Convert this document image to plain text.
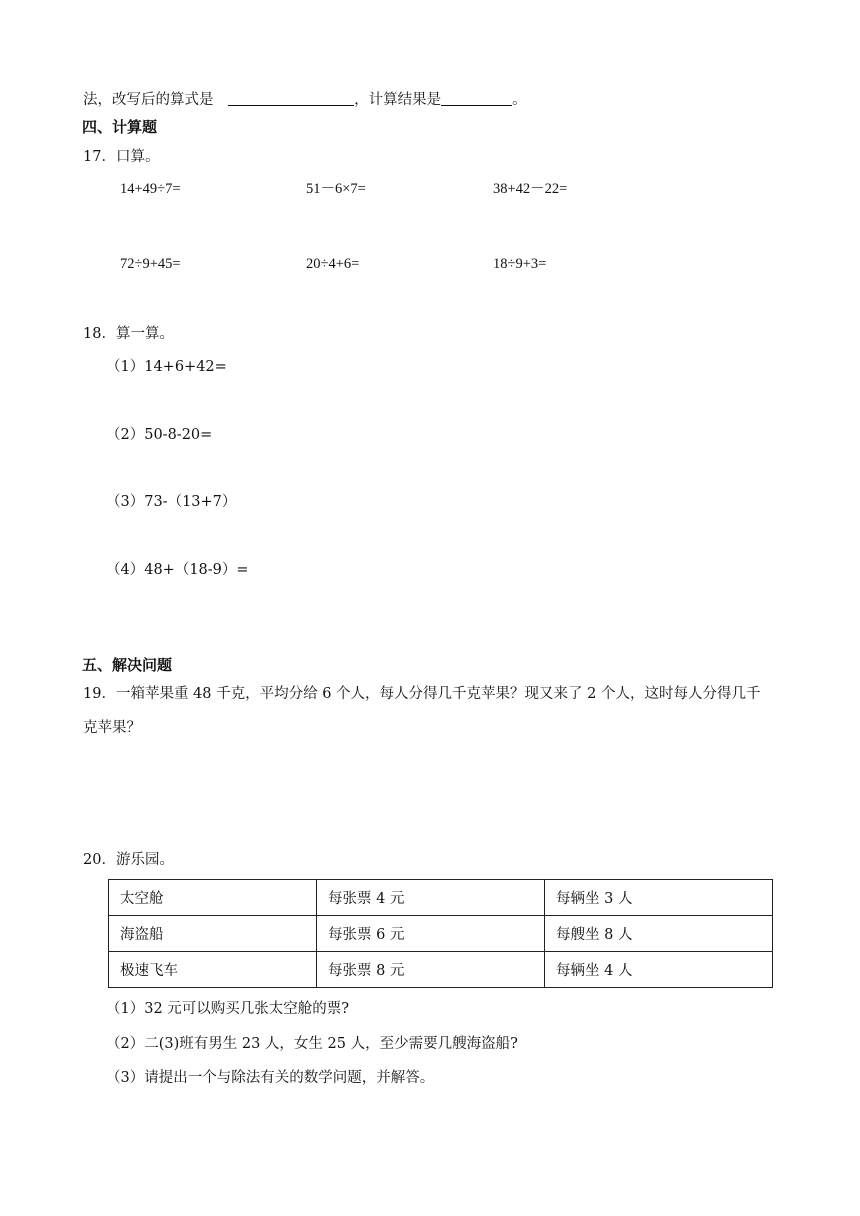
法，改写后的算式是	，计算结果是	。
四、计算题
17．口算。
14+49÷7=	51－6×7=	38+42－22=
72÷9+45=	20÷4+6=	18÷9+3=
18．算一算。
（1）14+6+42=
（2）50-8-20=
（3）73-（13+7）
（4）48+（18-9）=
五、解决问题
19．一箱苹果重 48 千克，平均分给 6 个人，每人分得几千克苹果？现又来了 2 个人，这时每人分得几千
克苹果？
20．游乐园。
太空舱	每张票 4 元	每辆坐 3 人
海盗船	每张票 6 元	每艘坐 8 人
极速飞车	每张票 8 元	每辆坐 4 人
（1）32 元可以购买几张太空舱的票?
（2）二(3)班有男生 23 人，女生 25 人，至少需要几艘海盗船?
（3）请提出一个与除法有关的数学问题，并解答。
